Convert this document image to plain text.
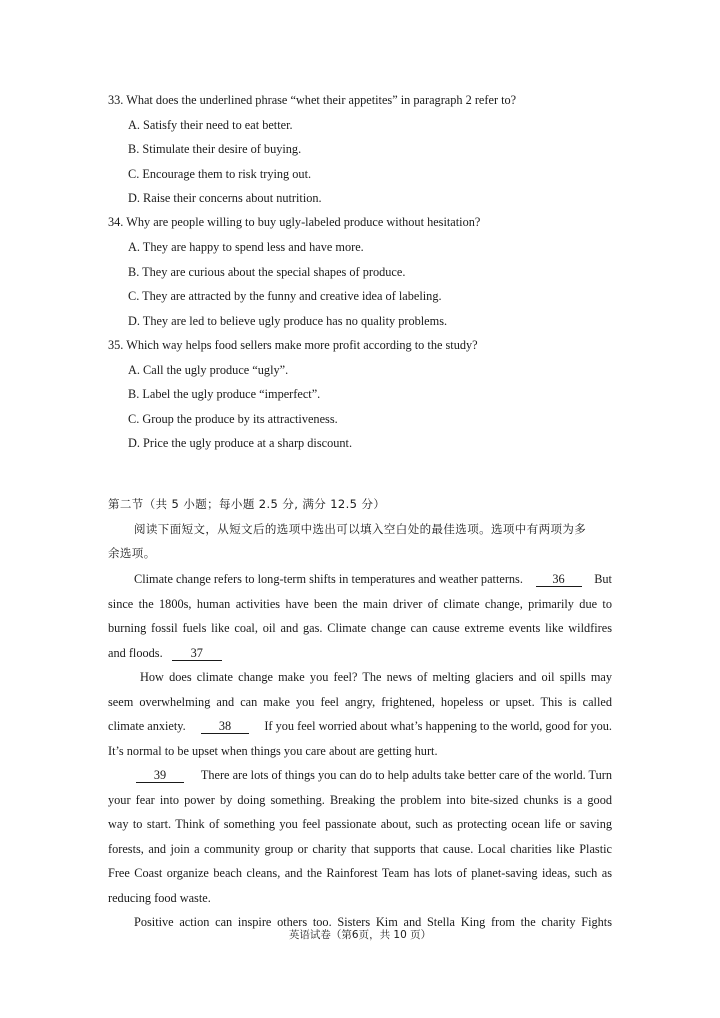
33. What does the underlined phrase “whet their appetites” in paragraph 2 refer to?
A. Satisfy their need to eat better.
B. Stimulate their desire of buying.
C. Encourage them to risk trying out.
D. Raise their concerns about nutrition.
34. Why are people willing to buy ugly-labeled produce without hesitation?
A. They are happy to spend less and have more.
B. They are curious about the special shapes of produce.
C. They are attracted by the funny and creative idea of labeling.
D. They are led to believe ugly produce has no quality problems.
35. Which way helps food sellers make more profit according to the study?
A. Call the ugly produce “ugly”.
B. Label the ugly produce “imperfect”.
C. Group the produce by its attractiveness.
D. Price the ugly produce at a sharp discount.
第二节（共 5 小题；每小题 2.5 分, 满分 12.5 分）
阅读下面短文，从短文后的选项中选出可以填入空白处的最佳选项。选项中有两项为多
余选项。
Climate change refers to long-term shifts in temperatures and weather patterns.	36	But
since the 1800s, human activities have been the main driver of climate change, primarily due to
burning fossil fuels like coal, oil and gas. Climate change can cause extreme events like wildfires
and floods. 37
How does climate change make you feel? The news of melting glaciers and oil spills may
seem overwhelming and can make you feel angry, frightened, hopeless or upset. This is called
climate anxiety.	38	If you feel worried about what’s happening to the world, good for you.
It’s normal to be upset when things you care about are getting hurt.
39	There are lots of things you can do to help adults take better care of the world. Turn
your fear into power by doing something. Breaking the problem into bite-sized chunks is a good
way to start. Think of something you feel passionate about, such as protecting ocean life or saving
forests, and join a community group or charity that supports that cause. Local charities like Plastic
Free Coast organize beach cleans, and the Rainforest Team has lots of planet-saving ideas, such as
reducing food waste.
Positive action can inspire others too. Sisters Kim and Stella King from the charity Fights
英语试卷（第6页，共 10 页）
